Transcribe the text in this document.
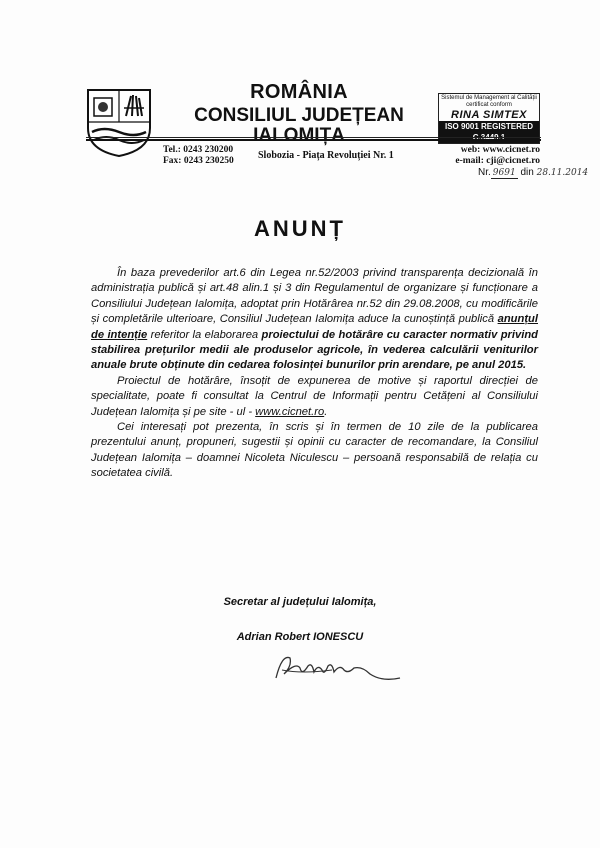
ROMÂNIA
CONSILIUL JUDEȚEAN IALOMIȚA
Sistemul de Management al Calității
certificat conform
RINA SIMTEX
ISO 9001 REGISTERED C.3449.1
Tel.: 0243 230200
Fax: 0243 230250 Slobozia - Piața Revoluției Nr. 1	web: www.cicnet.ro
e-mail: cji@cicnet.ro
Nr. 9691 din 28.11.2014
ANUNȚ

În baza prevederilor art.6 din Legea nr.52/2003 privind transparența decizională în administrația publică și art.48 alin.1 și 3 din Regulamentul de organizare și funcționare a Consiliului Județean Ialomița, adoptat prin Hotărârea nr.52 din 29.08.2008, cu modificările și completările ulterioare, Consiliul Județean Ialomița aduce la cunoștință publică anunțul de intenție referitor la elaborarea proiectului de hotărâre cu caracter normativ privind stabilirea prețurilor medii ale produselor agricole, în vederea calculării veniturilor anuale brute obținute din cedarea folosinței bunurilor prin arendare, pe anul 2015.

Proiectul de hotărâre, însoțit de expunerea de motive și raportul direcției de specialitate, poate fi consultat la Centrul de Informații pentru Cetățeni al Consiliului Județean Ialomița și pe site - ul - www.cicnet.ro.

Cei interesați pot prezenta, în scris și în termen de 10 zile de la publicarea prezentului anunț, propuneri, sugestii și opinii cu caracter de recomandare, la Consiliul Județean Ialomița – doamnei Nicoleta Niculescu – persoană responsabilă de relația cu societatea civilă.

Secretar al județului Ialomița,
Adrian Robert IONESCU
